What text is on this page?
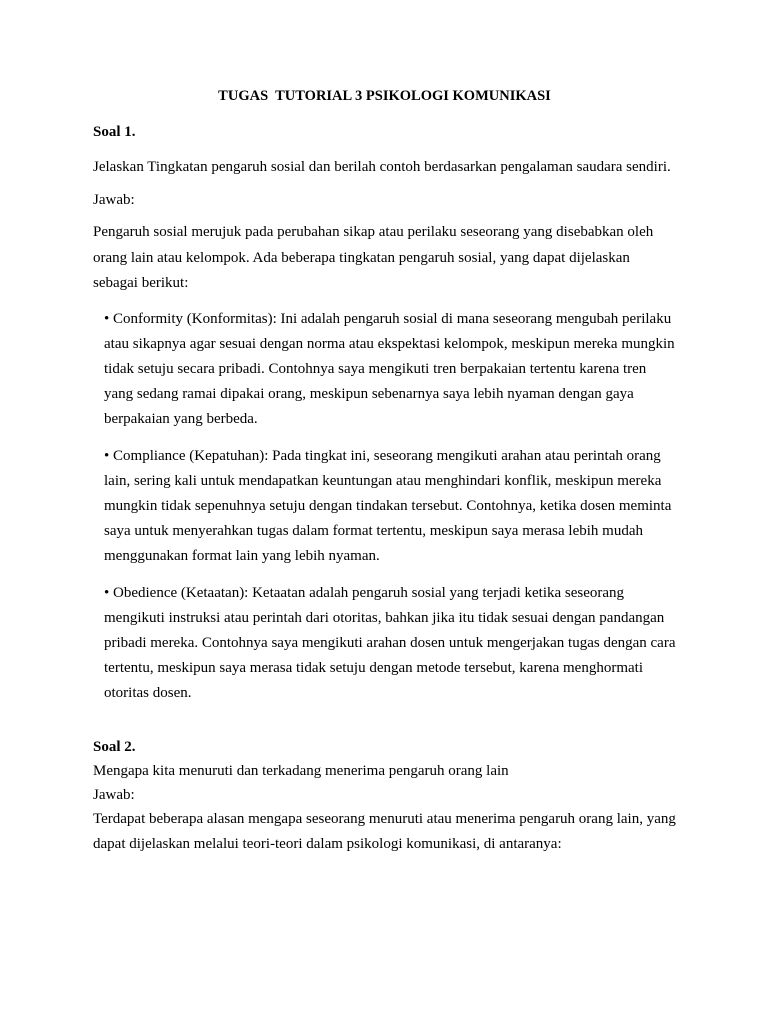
TUGAS  TUTORIAL 3 PSIKOLOGI KOMUNIKASI

Soal 1.

Jelaskan Tingkatan pengaruh sosial dan berilah contoh berdasarkan pengalaman saudara sendiri.

Jawab:

Pengaruh sosial merujuk pada perubahan sikap atau perilaku seseorang yang disebabkan oleh orang lain atau kelompok. Ada beberapa tingkatan pengaruh sosial, yang dapat dijelaskan sebagai berikut:

• Conformity (Konformitas): Ini adalah pengaruh sosial di mana seseorang mengubah perilaku atau sikapnya agar sesuai dengan norma atau ekspektasi kelompok, meskipun mereka mungkin tidak setuju secara pribadi. Contohnya saya mengikuti tren berpakaian tertentu karena tren yang sedang ramai dipakai orang, meskipun sebenarnya saya lebih nyaman dengan gaya berpakaian yang berbeda.
• Compliance (Kepatuhan): Pada tingkat ini, seseorang mengikuti arahan atau perintah orang lain, sering kali untuk mendapatkan keuntungan atau menghindari konflik, meskipun mereka mungkin tidak sepenuhnya setuju dengan tindakan tersebut. Contohnya, ketika dosen meminta saya untuk menyerahkan tugas dalam format tertentu, meskipun saya merasa lebih mudah menggunakan format lain yang lebih nyaman.
• Obedience (Ketaatan): Ketaatan adalah pengaruh sosial yang terjadi ketika seseorang mengikuti instruksi atau perintah dari otoritas, bahkan jika itu tidak sesuai dengan pandangan pribadi mereka. Contohnya saya mengikuti arahan dosen untuk mengerjakan tugas dengan cara tertentu, meskipun saya merasa tidak setuju dengan metode tersebut, karena menghormati otoritas dosen.

Soal 2.

Mengapa kita menuruti dan terkadang menerima pengaruh orang lain

Jawab:

Terdapat beberapa alasan mengapa seseorang menuruti atau menerima pengaruh orang lain, yang dapat dijelaskan melalui teori-teori dalam psikologi komunikasi, di antaranya:
